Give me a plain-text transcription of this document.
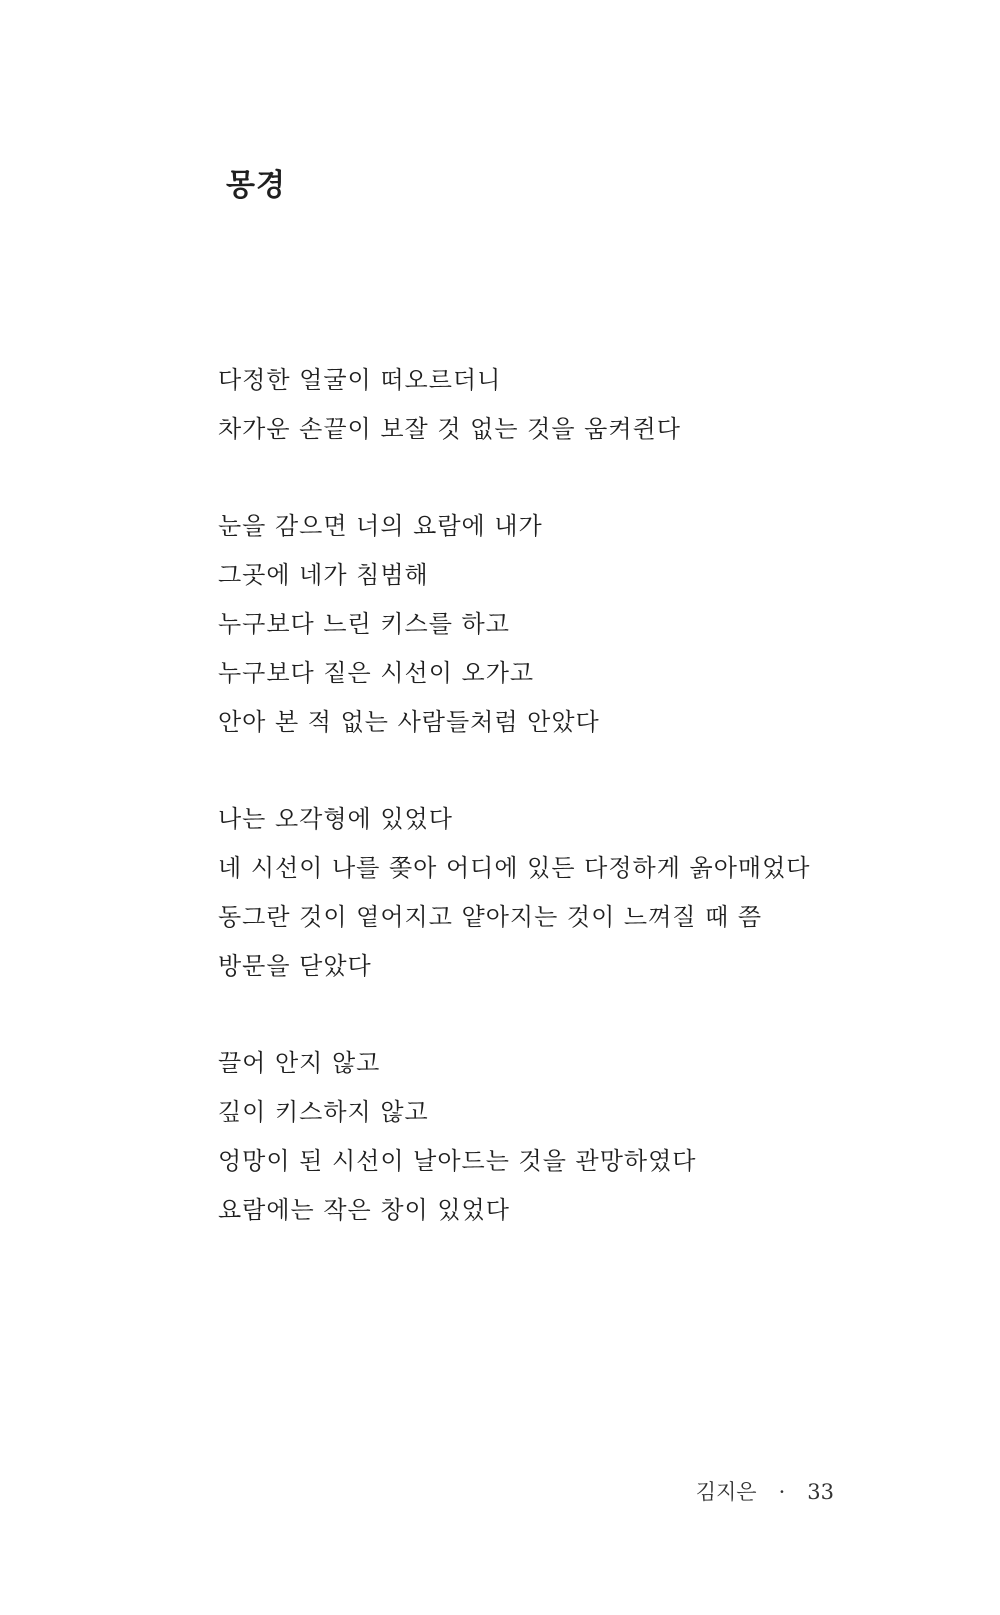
몽경
다정한 얼굴이 떠오르더니
차가운 손끝이 보잘 것 없는 것을 움켜쥔다
눈을 감으면 너의 요람에 내가
그곳에 네가 침범해
누구보다 느린 키스를 하고
누구보다 짙은 시선이 오가고
안아 본 적 없는 사람들처럼 안았다
나는 오각형에 있었다
네 시선이 나를 쫒아 어디에 있든 다정하게 옭아매었다
동그란 것이 옅어지고 얕아지는 것이 느껴질 때 쯤
방문을 닫았다
끌어 안지 않고
깊이 키스하지 않고
엉망이 된 시선이 날아드는 것을 관망하였다
요람에는 작은 창이 있었다
김지은 · 33
